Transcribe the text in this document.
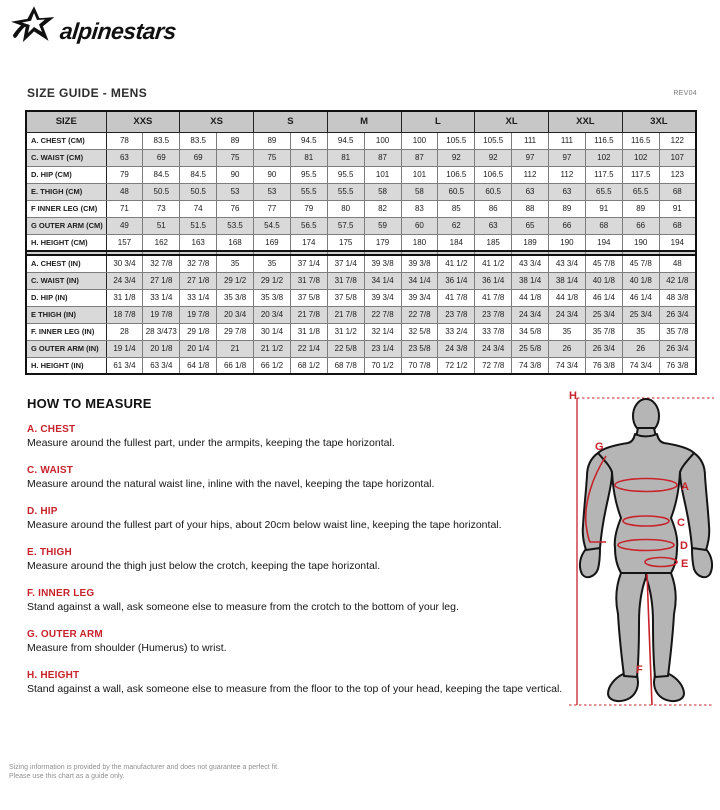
alpinestars
SIZE GUIDE - MENS	REV04
SIZE	XXS		XS		S		M		L		XL		XXL		3XL	
A. CHEST (CM)	78	83.5	83.5	89	89	94.5	94.5	100	100	105.5	105.5	111	111	116.5	116.5	122
C. WAIST (CM)	63	69	69	75	75	81	81	87	87	92	92	97	97	102	102	107
D. HIP (CM)	79	84.5	84.5	90	90	95.5	95.5	101	101	106.5	106.5	112	112	117.5	117.5	123
E. THIGH (CM)	48	50.5	50.5	53	53	55.5	55.5	58	58	60.5	60.5	63	63	65.5	65.5	68
F INNER LEG (CM)	71	73	74	76	77	79	80	82	83	85	86	88	89	91	89	91
G OUTER ARM (CM)	49	51	51.5	53.5	54.5	56.5	57.5	59	60	62	63	65	66	68	66	68
H. HEIGHT (CM)	157	162	163	168	169	174	175	179	180	184	185	189	190	194	190	194

A. CHEST (IN)	30 3/4	32 7/8	32 7/8	35	35	37 1/4	37 1/4	39 3/8	39 3/8	41 1/2	41 1/2	43 3/4	43 3/4	45 7/8	45 7/8	48
C. WAIST (IN)	24 3/4	27 1/8	27 1/8	29 1/2	29 1/2	31 7/8	31 7/8	34 1/4	34 1/4	36 1/4	36 1/4	38 1/4	38 1/4	40 1/8	40 1/8	42 1/8
D. HIP (IN)	31 1/8	33 1/4	33 1/4	35 3/8	35 3/8	37 5/8	37 5/8	39 3/4	39 3/4	41 7/8	41 7/8	44 1/8	44 1/8	46 1/4	46 1/4	48 3/8
E THIGH (IN)	18 7/8	19 7/8	19 7/8	20 3/4	20 3/4	21 7/8	21 7/8	22 7/8	22 7/8	23 7/8	23 7/8	24 3/4	24 3/4	25 3/4	25 3/4	26 3/4
F. INNER LEG (IN)	28	28 3/473	29 1/8	29 7/8	30 1/4	31 1/8	31 1/2	32 1/4	32 5/8	33 2/4	33 7/8	34 5/8	35	35 7/8	35	35 7/8
G OUTER ARM (IN)	19 1/4	20 1/8	20 1/4	21	21 1/2	22 1/4	22 5/8	23 1/4	23 5/8	24 3/8	24 3/4	25 5/8	26	26 3/4	26	26 3/4
H. HEIGHT (IN)	61 3/4	63 3/4	64 1/8	66 1/8	66 1/2	68 1/2	68 7/8	70 1/2	70 7/8	72 1/2	72 7/8	74 3/8	74 3/4	76 3/8	74 3/4	76 3/8
HOW TO MEASURE
A. CHEST
Measure around the fullest part, under the armpits, keeping the tape horizontal.
C. WAIST
Measure around the natural waist line, inline with the navel, keeping the tape horizontal.
D. HIP
Measure around the fullest part of your hips, about 20cm below waist line, keeping the tape horizontal.
E. THIGH
Measure around the thigh just below the crotch, keeping the tape horizontal.
F. INNER LEG
Stand against a wall, ask someone else to measure from the crotch to the bottom of your leg.
G. OUTER ARM
Measure from shoulder (Humerus) to wrist.
H. HEIGHT
Stand against a wall, ask someone else to measure from the floor to the top of your head, keeping the tape vertical.
H
G
A
C
D
E
F
Sizing information is provided by the manufacturer and does not guarantee a perfect fit.
Please use this chart as a guide only.
